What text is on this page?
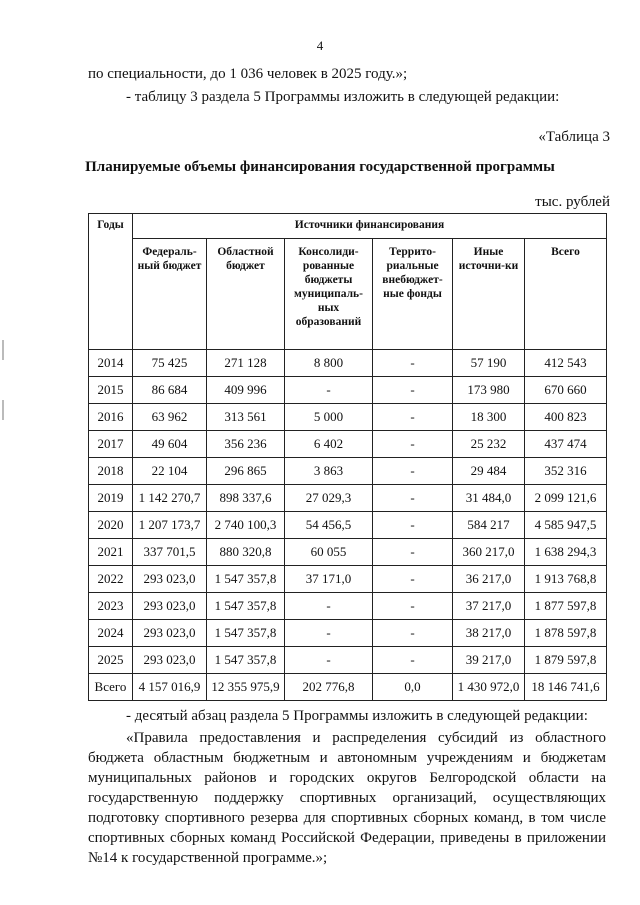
4
по специальности, до 1 036 человек в 2025 году.»;
- таблицу 3 раздела 5 Программы изложить в следующей редакции:
«Таблица 3
Планируемые объемы финансирования государственной программы
тыс. рублей
Годы	Источники финансирования					
	Федераль-ный бюджет	Областной бюджет	Консолиди-рованные бюджеты муниципаль-ных образований	Террито-риальные внебюджет-ные фонды	Иные источни-ки	Всего
2014	75 425	271 128	8 800	-	57 190	412 543
2015	86 684	409 996	-	-	173 980	670 660
2016	63 962	313 561	5 000	-	18 300	400 823
2017	49 604	356 236	6 402	-	25 232	437 474
2018	22 104	296 865	3 863	-	29 484	352 316
2019	1 142 270,7	898 337,6	27 029,3	-	31 484,0	2 099 121,6
2020	1 207 173,7	2 740 100,3	54 456,5	-	584 217	4 585 947,5
2021	337 701,5	880 320,8	60 055	-	360 217,0	1 638 294,3
2022	293 023,0	1 547 357,8	37 171,0	-	36 217,0	1 913 768,8
2023	293 023,0	1 547 357,8	-	-	37 217,0	1 877 597,8
2024	293 023,0	1 547 357,8	-	-	38 217,0	1 878 597,8
2025	293 023,0	1 547 357,8	-	-	39 217,0	1 879 597,8
Всего	4 157 016,9	12 355 975,9	202 776,8	0,0	1 430 972,0	18 146 741,6
- десятый абзац раздела 5 Программы изложить в следующей редакции:
«Правила предоставления и распределения субсидий из областного бюджета областным бюджетным и автономным учреждениям и бюджетам муниципальных районов и городских округов Белгородской области на государственную поддержку спортивных организаций, осуществляющих подготовку спортивного резерва для спортивных сборных команд, в том числе спортивных сборных команд Российской Федерации, приведены в приложении №14 к государственной программе.»;
